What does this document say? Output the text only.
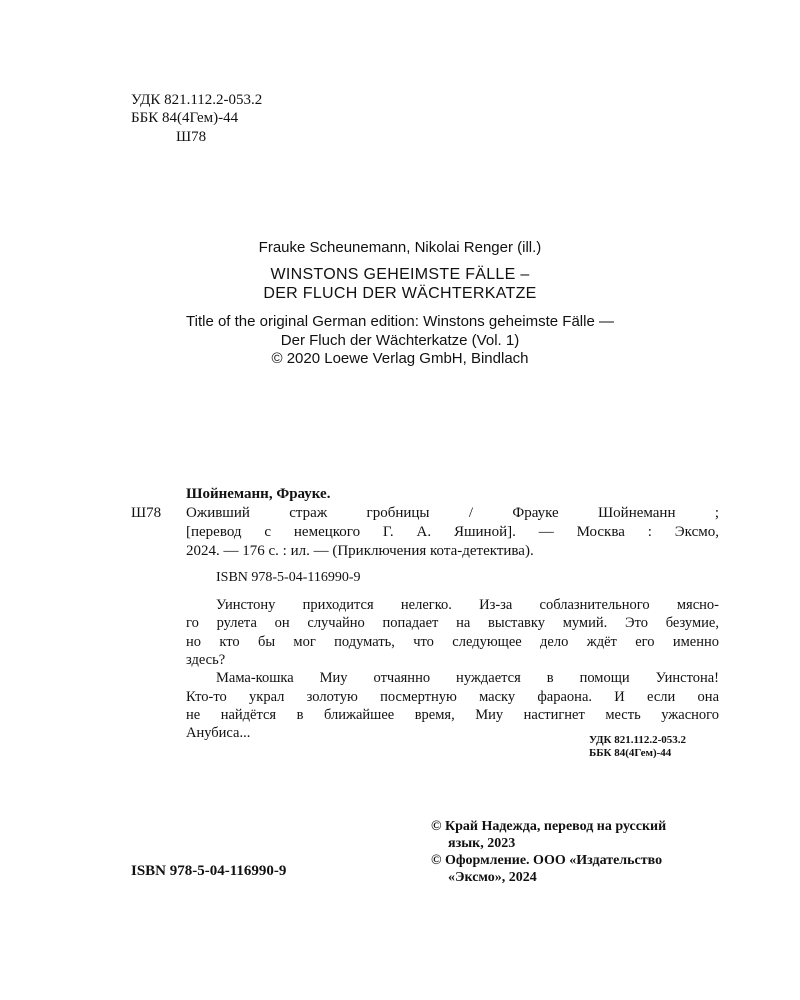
УДК 821.112.2-053.2
ББК 84(4Гем)-44
Ш78
Frauke Scheunemann, Nikolai Renger (ill.)
WINSTONS GEHEIMSTE FÄLLE –
DER FLUCH DER WÄCHTERKATZE
Title of the original German edition: Winstons geheimste Fälle —
Der Fluch der Wächterkatze (Vol. 1)
© 2020 Loewe Verlag GmbH, Bindlach
Шойнеманн, Фрауке.
Ш78 Оживший страж гробницы / Фрауке Шойнеманн ;
[перевод с немецкого Г. А. Яшиной]. — Москва : Эксмо,
2024. — 176 с. : ил. — (Приключения кота-детектива).
ISBN 978-5-04-116990-9
Уинстону приходится нелегко. Из-за соблазнительного мясно-
го рулета он случайно попадает на выставку мумий. Это безумие,
но кто бы мог подумать, что следующее дело ждёт его именно
здесь?
Мама-кошка Миу отчаянно нуждается в помощи Уинстона!
Кто-то украл золотую посмертную маску фараона. И если она
не найдётся в ближайшее время, Миу настигнет месть ужасного
Анубиса...	УДК 821.112.2-053.2
ББК 84(4Гем)-44
© Край Надежда, перевод на русский
язык, 2023
© Оформление. ООО «Издательство
«Эксмо», 2024
ISBN 978-5-04-116990-9
